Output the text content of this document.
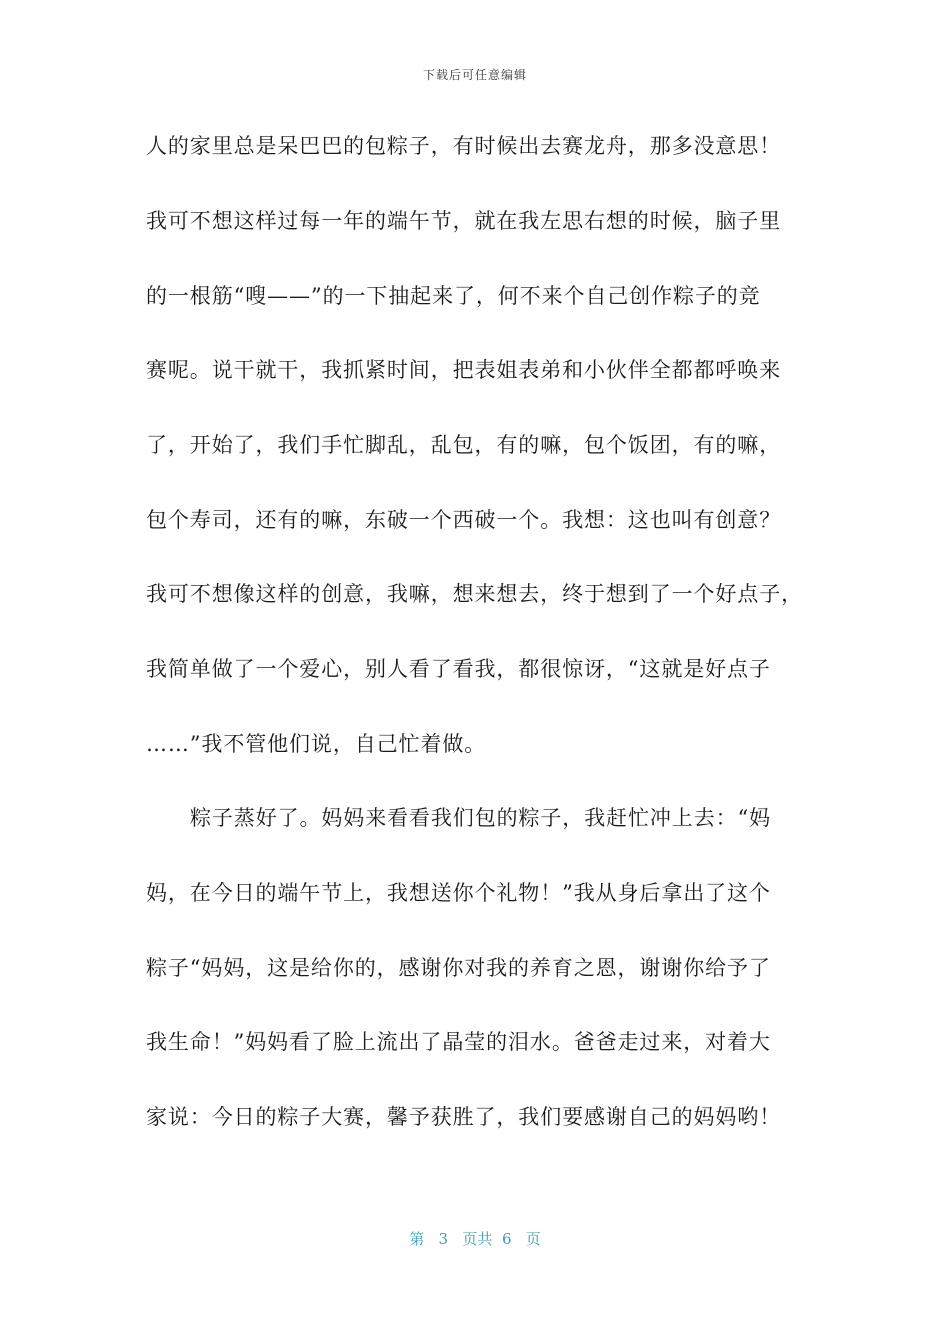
下载后可任意编辑
人的家里总是呆巴巴的包粽子，有时候出去赛龙舟，那多没意思！
我可不想这样过每一年的端午节，就在我左思右想的时候，脑子里
的一根筋“嗖——”的一下抽起来了，何不来个自己创作粽子的竞
赛呢。说干就干，我抓紧时间，把表姐表弟和小伙伴全都都呼唤来
了，开始了，我们手忙脚乱，乱包，有的嘛，包个饭团，有的嘛，
包个寿司，还有的嘛，东破一个西破一个。我想：这也叫有创意？
我可不想像这样的创意，我嘛，想来想去，终于想到了一个好点子，
我简单做了一个爱心，别人看了看我，都很惊讶，“这就是好点子
……”我不管他们说，自己忙着做。
粽子蒸好了。妈妈来看看我们包的粽子，我赶忙冲上去：“妈
妈，在今日的端午节上，我想送你个礼物！”我从身后拿出了这个
粽子“妈妈，这是给你的，感谢你对我的养育之恩，谢谢你给予了
我生命！”妈妈看了脸上流出了晶莹的泪水。爸爸走过来，对着大
家说：今日的粽子大赛，馨予获胜了，我们要感谢自己的妈妈哟！
第 3 页共 6 页
